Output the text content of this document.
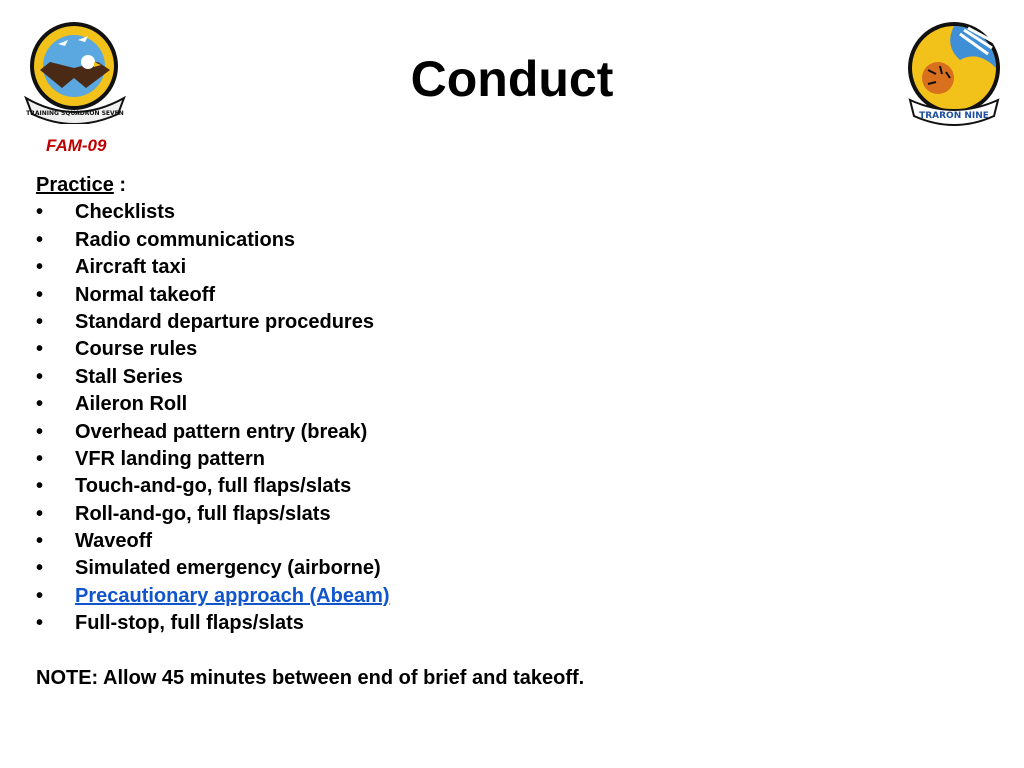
TRAINING SQUADRON SEVEN	TRARON NINE
Conduct
FAM-09
Practice :
• Checklists
• Radio communications
• Aircraft taxi
• Normal takeoff
• Standard departure procedures
• Course rules
• Stall Series
• Aileron Roll
• Overhead pattern entry (break)
• VFR landing pattern
• Touch-and-go, full flaps/slats
• Roll-and-go, full flaps/slats
• Waveoff
• Simulated emergency (airborne)
• Precautionary approach (Abeam)
• Full-stop, full flaps/slats
NOTE: Allow 45 minutes between end of brief and takeoff.
